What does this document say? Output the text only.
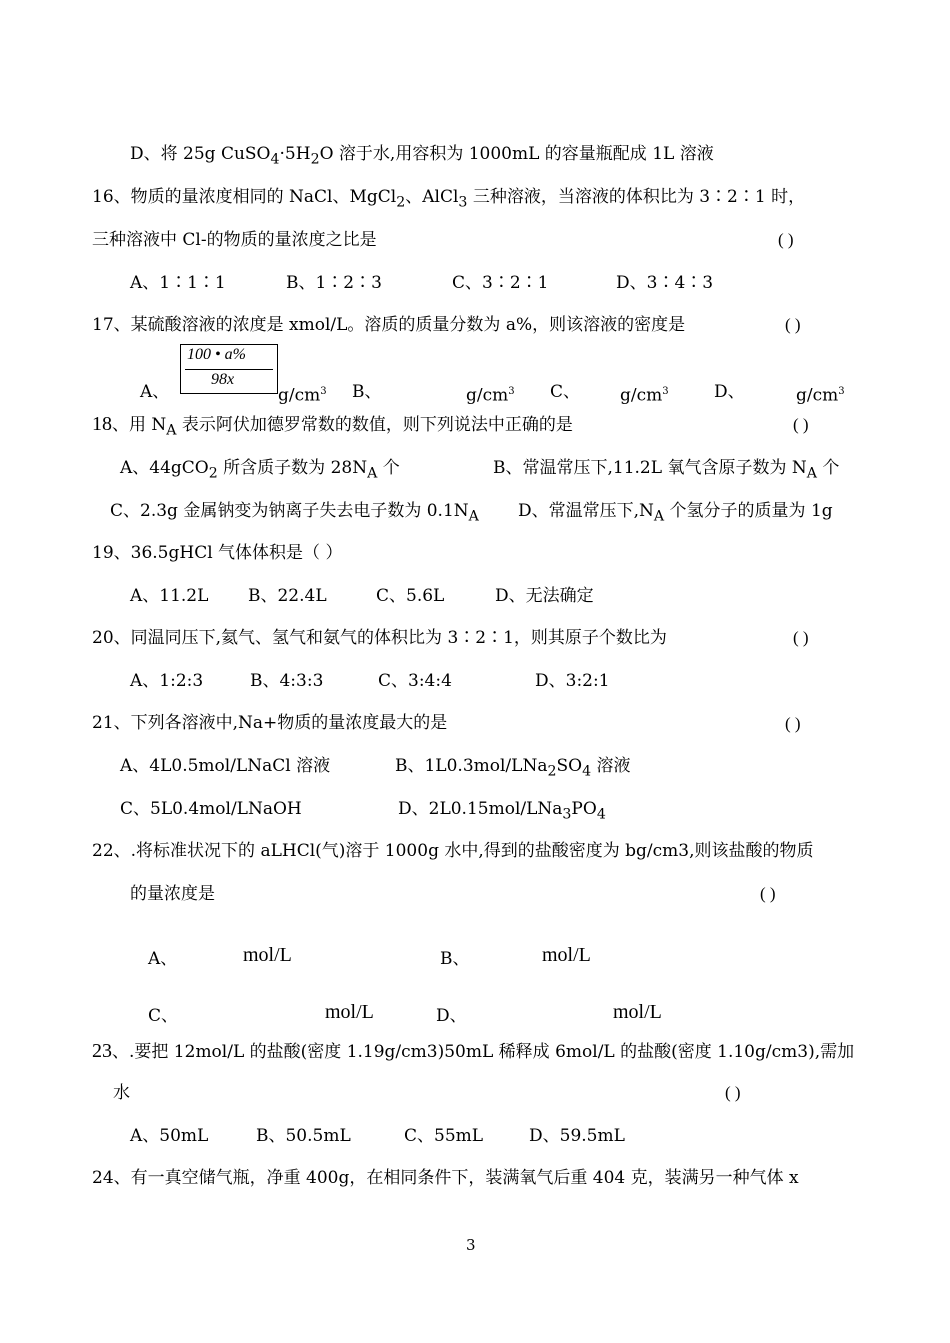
D、将 25g $CuSO_4\cdot 5H_2O$ 溶于水,用容积为 1000mL 的容量瓶配成 1L 溶液
16、物质的量浓度相同的 NaCl、MgCl$_2$、AlCl$_3$ 三种溶液，当溶液的体积比为 3∶2∶1 时，
三种溶液中 Cl-的物质的量浓度之比是	( )
A、1∶1∶1	B、1∶2∶3	C、3∶2∶1	D、3∶4∶3
17、某硫酸溶液的浓度是 xmol/L。溶质的质量分数为 a%，则该溶液的密度是	( )
100 • a%
98x
A、	$g/cm^3$ B、	$g/cm^3$ C、 $g/cm^3$	D、	$g/cm^3$
18、用 $N_A$ 表示阿伏加德罗常数的数值，则下列说法中正确的是	( )
A、44gCO$_2$ 所含质子数为 $28N_A$ 个	B、常温常压下,11.2L 氧气含原子数为 $N_A$ 个
C、2.3g 金属钠变为钠离子失去电子数为 $0.1N_A$ D、常温常压下$,N_A$ 个氢分子的质量为 1g
19、36.5gHCl 气体体积是（ ）
A、11.2L B、22.4L	C、5.6L	D、无法确定
20、同温同压下,氦气、氢气和氨气的体积比为 3∶2∶1，则其原子个数比为	( )
A、1:2:3	B、4:3:3	C、3:4:4	D、3:2:1
21、下列各溶液中,Na+物质的量浓度最大的是	( )
A、4L0.5mol/LNaCl 溶液	B、$1L0.3mol/LNa_2SO_4$ 溶液
C、5L0.4mol/LNaOH	D、$2L0.15mol/LNa_3PO_4$
22、.将标准状况下的 aLHCl(气)溶于 1000g 水中,得到的盐酸密度为 bg/cm3,则该盐酸的物质
的量浓度是	( )
A、	mol/L	B、	mol/L
C、	mol/L	D、	mol/L
23、.要把 12mol/L 的盐酸(密度 1.19g/cm3)50mL 稀释成 6mol/L 的盐酸(密度 1.10g/cm3),需加
水	( )
A、50mL	B、50.5mL	C、55mL	D、59.5mL
24、有一真空储气瓶，净重 400g，在相同条件下，装满氧气后重 404 克，装满另一种气体 x
3
